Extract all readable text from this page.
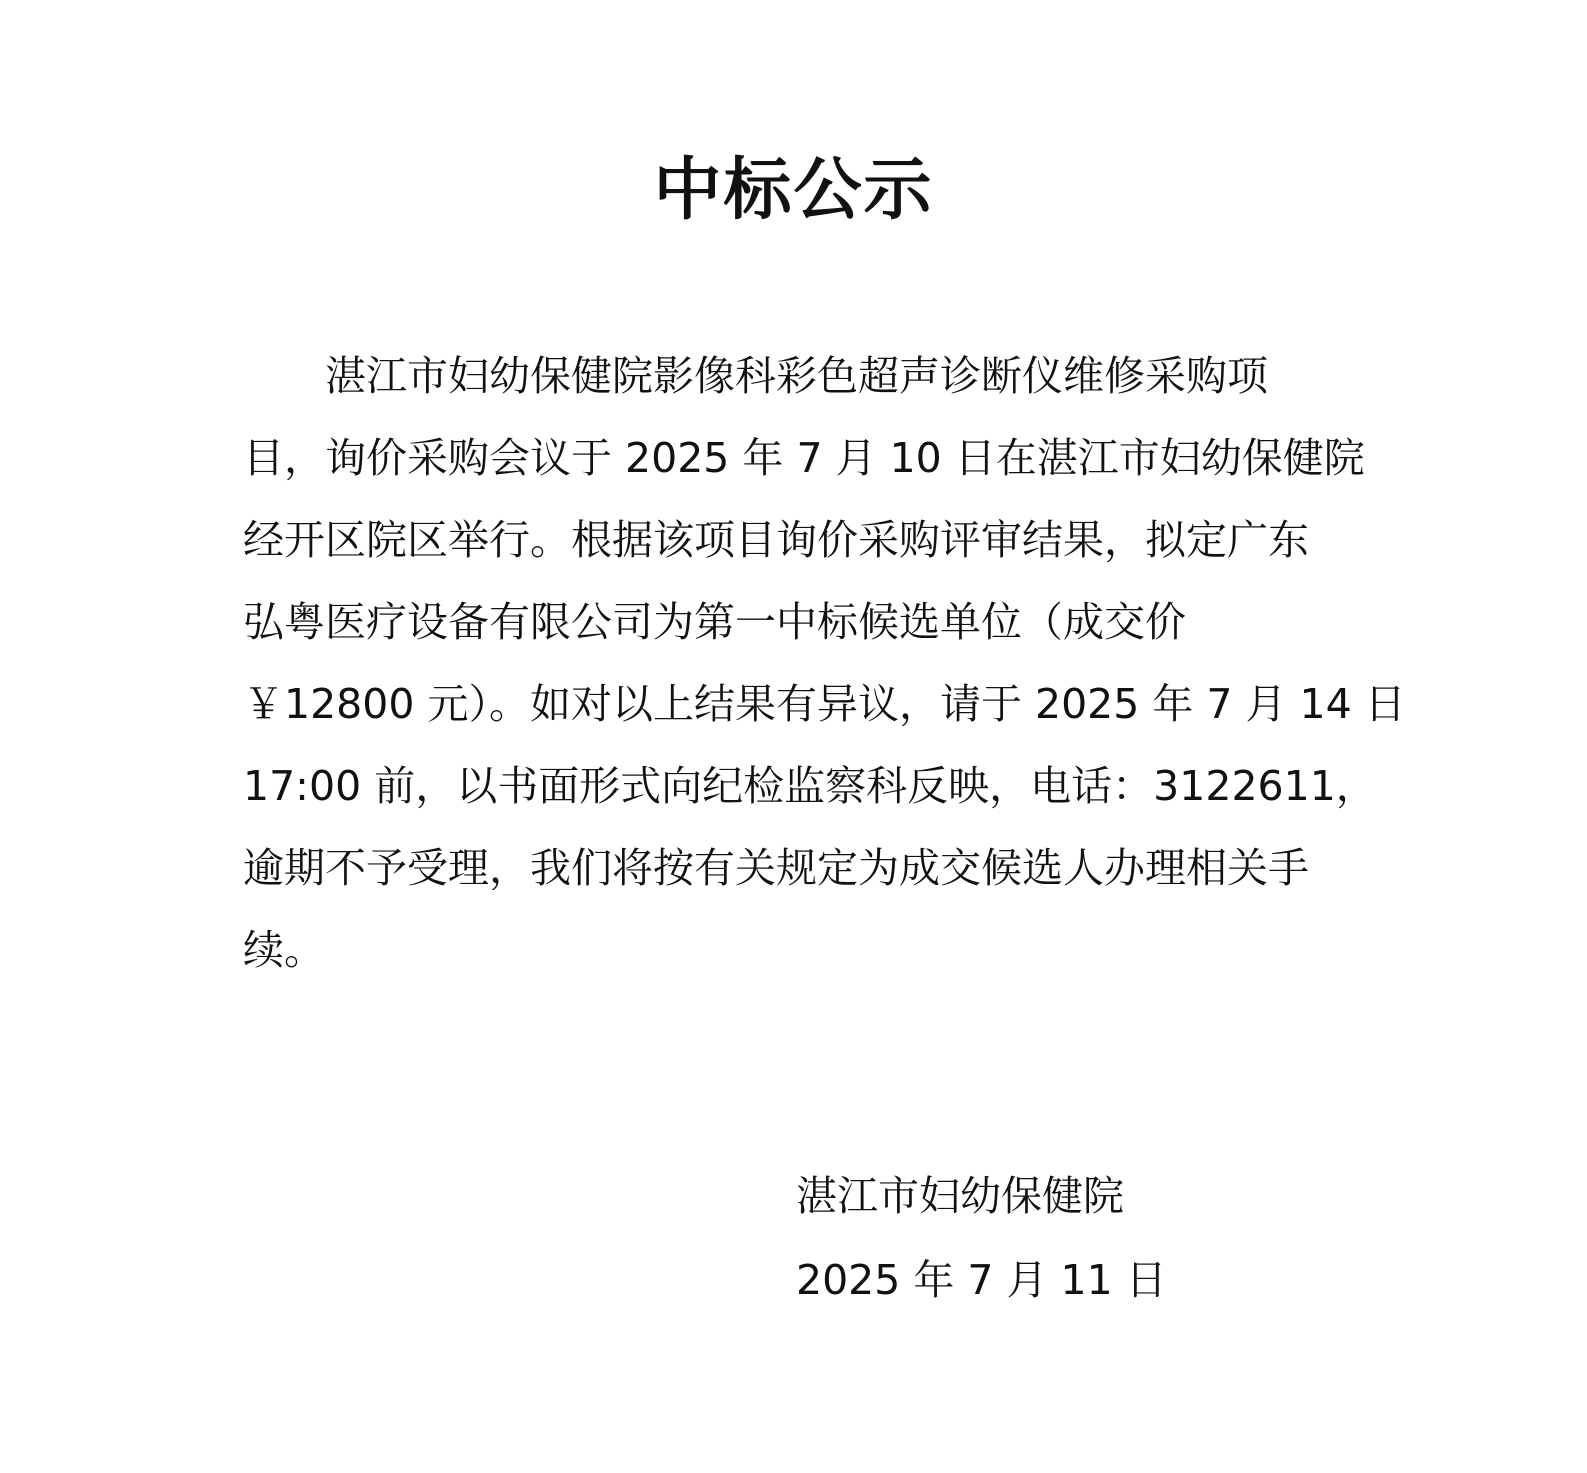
中标公示
　　湛江市妇幼保健院影像科彩色超声诊断仪维修采购项
目，询价采购会议于 2025 年 7 月 10 日在湛江市妇幼保健院
经开区院区举行。根据该项目询价采购评审结果，拟定广东
弘粤医疗设备有限公司为第一中标候选单位（成交价
￥12800 元）。如对以上结果有异议，请于 2025 年 7 月 14 日
17:00 前，以书面形式向纪检监察科反映，电话：3122611，
逾期不予受理，我们将按有关规定为成交候选人办理相关手
续。
湛江市妇幼保健院
2025 年 7 月 11 日
